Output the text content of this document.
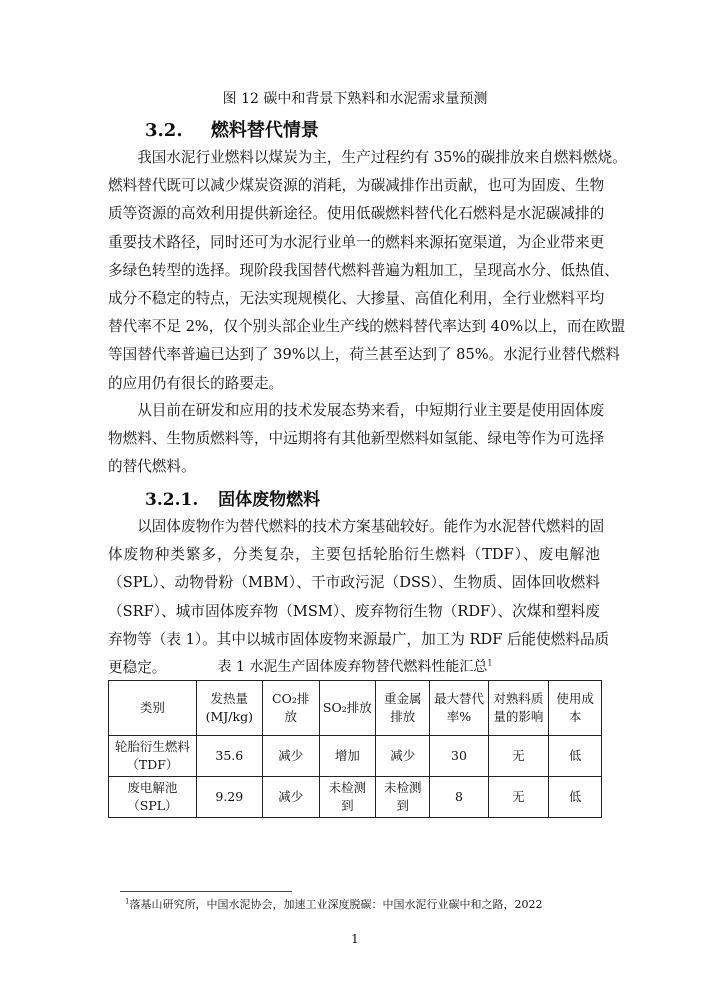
图 12 碳中和背景下熟料和水泥需求量预测
3.2. 燃料替代情景
　　我国水泥行业燃料以煤炭为主，生产过程约有 35%的碳排放来自燃料燃烧。
燃料替代既可以减少煤炭资源的消耗，为碳减排作出贡献，也可为固废、生物
质等资源的高效利用提供新途径。使用低碳燃料替代化石燃料是水泥碳减排的
重要技术路径，同时还可为水泥行业单一的燃料来源拓宽渠道，为企业带来更
多绿色转型的选择。现阶段我国替代燃料普遍为粗加工，呈现高水分、低热值、
成分不稳定的特点，无法实现规模化、大掺量、高值化利用，全行业燃料平均
替代率不足 2%，仅个别头部企业生产线的燃料替代率达到 40%以上，而在欧盟
等国替代率普遍已达到了 39%以上，荷兰甚至达到了 85%。水泥行业替代燃料
的应用仍有很长的路要走。
　　从目前在研发和应用的技术发展态势来看，中短期行业主要是使用固体废
物燃料、生物质燃料等，中远期将有其他新型燃料如氢能、绿电等作为可选择
的替代燃料。
3.2.1. 固体废物燃料
　　以固体废物作为替代燃料的技术方案基础较好。能作为水泥替代燃料的固
体废物种类繁多，分类复杂，主要包括轮胎衍生燃料（TDF）、废电解池
（SPL）、动物骨粉（MBM）、干市政污泥（DSS）、生物质、固体回收燃料
（SRF）、城市固体废弃物（MSM）、废弃物衍生物（RDF）、次煤和塑料废
弃物等（表 1）。其中以城市固体废物来源最广，加工为 RDF 后能使燃料品质
更稳定。	表 1 水泥生产固体废弃物替代燃料性能汇总$^1$
类别	发热量(MJ/kg)	CO₂排放	SO₂排放	重金属排放	最大替代率%	对熟料质量的影响	使用成本
轮胎衍生燃料（TDF）	35.6	减少	增加	减少	30	无	低
废电解池（SPL）	9.29	减少	未检测到	未检测到	8	无	低
$^1$落基山研究所，中国水泥协会，加速工业深度脱碳：中国水泥行业碳中和之路，2022
1
